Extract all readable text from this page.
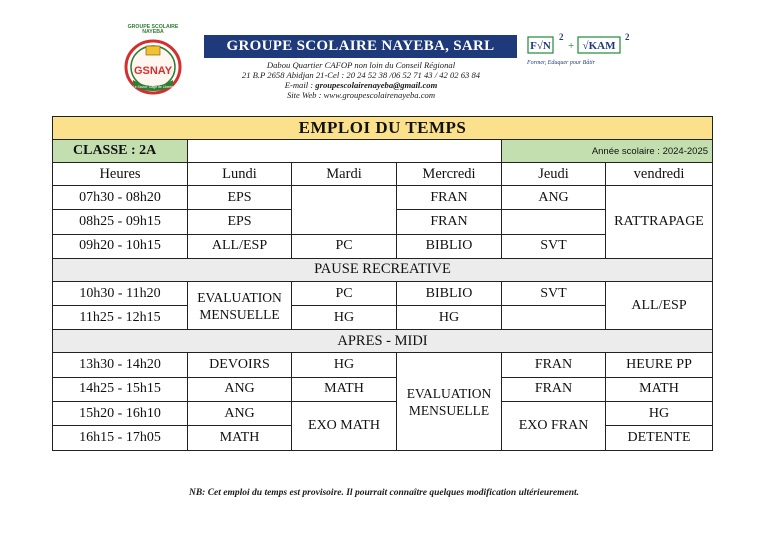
GROUPE SCOLAIRE
NAYEBA
GSNAY
Le Savoir, Gage de Liberté
GROUPE SCOLAIRE NAYEBA, SARL
Dabou Quartier CAFOP non loin du Conseil Régional
21 B.P 2658 Abidjan 21-Cel : 20 24 52 38 /06 52 71 43 / 42 02 63 84
E-mail : groupescolairenayeba@gmail.com
Site Web : www.groupescolairenayeba.com
F√N
2
+ √KAM
2
Former, Eduquer pour Bâtir
EMPLOI DU TEMPS					
CLASSE : 2A				Année scolaire : 2024-2025	
Heures	Lundi	Mardi	Mercredi	Jeudi	vendredi
07h30 - 08h20	EPS		FRAN	ANG	RATTRAPAGE
08h25 - 09h15	EPS		FRAN		
09h20 - 10h15	ALL/ESP	PC	BIBLIO	SVT	
PAUSE RECREATIVE					
10h30 - 11h20	EVALUATION MENSUELLE	PC	BIBLIO	SVT	ALL/ESP
11h25 - 12h15		HG	HG		
APRES - MIDI					
13h30 - 14h20	DEVOIRS	HG	EVALUATION MENSUELLE	FRAN	HEURE PP
14h25 - 15h15	ANG	MATH		FRAN	MATH
15h20 - 16h10	ANG	EXO MATH		EXO FRAN	HG
16h15 - 17h05	MATH				DETENTE
NB: Cet emploi du temps est provisoire. Il pourrait connaître quelques modification ultérieurement.
